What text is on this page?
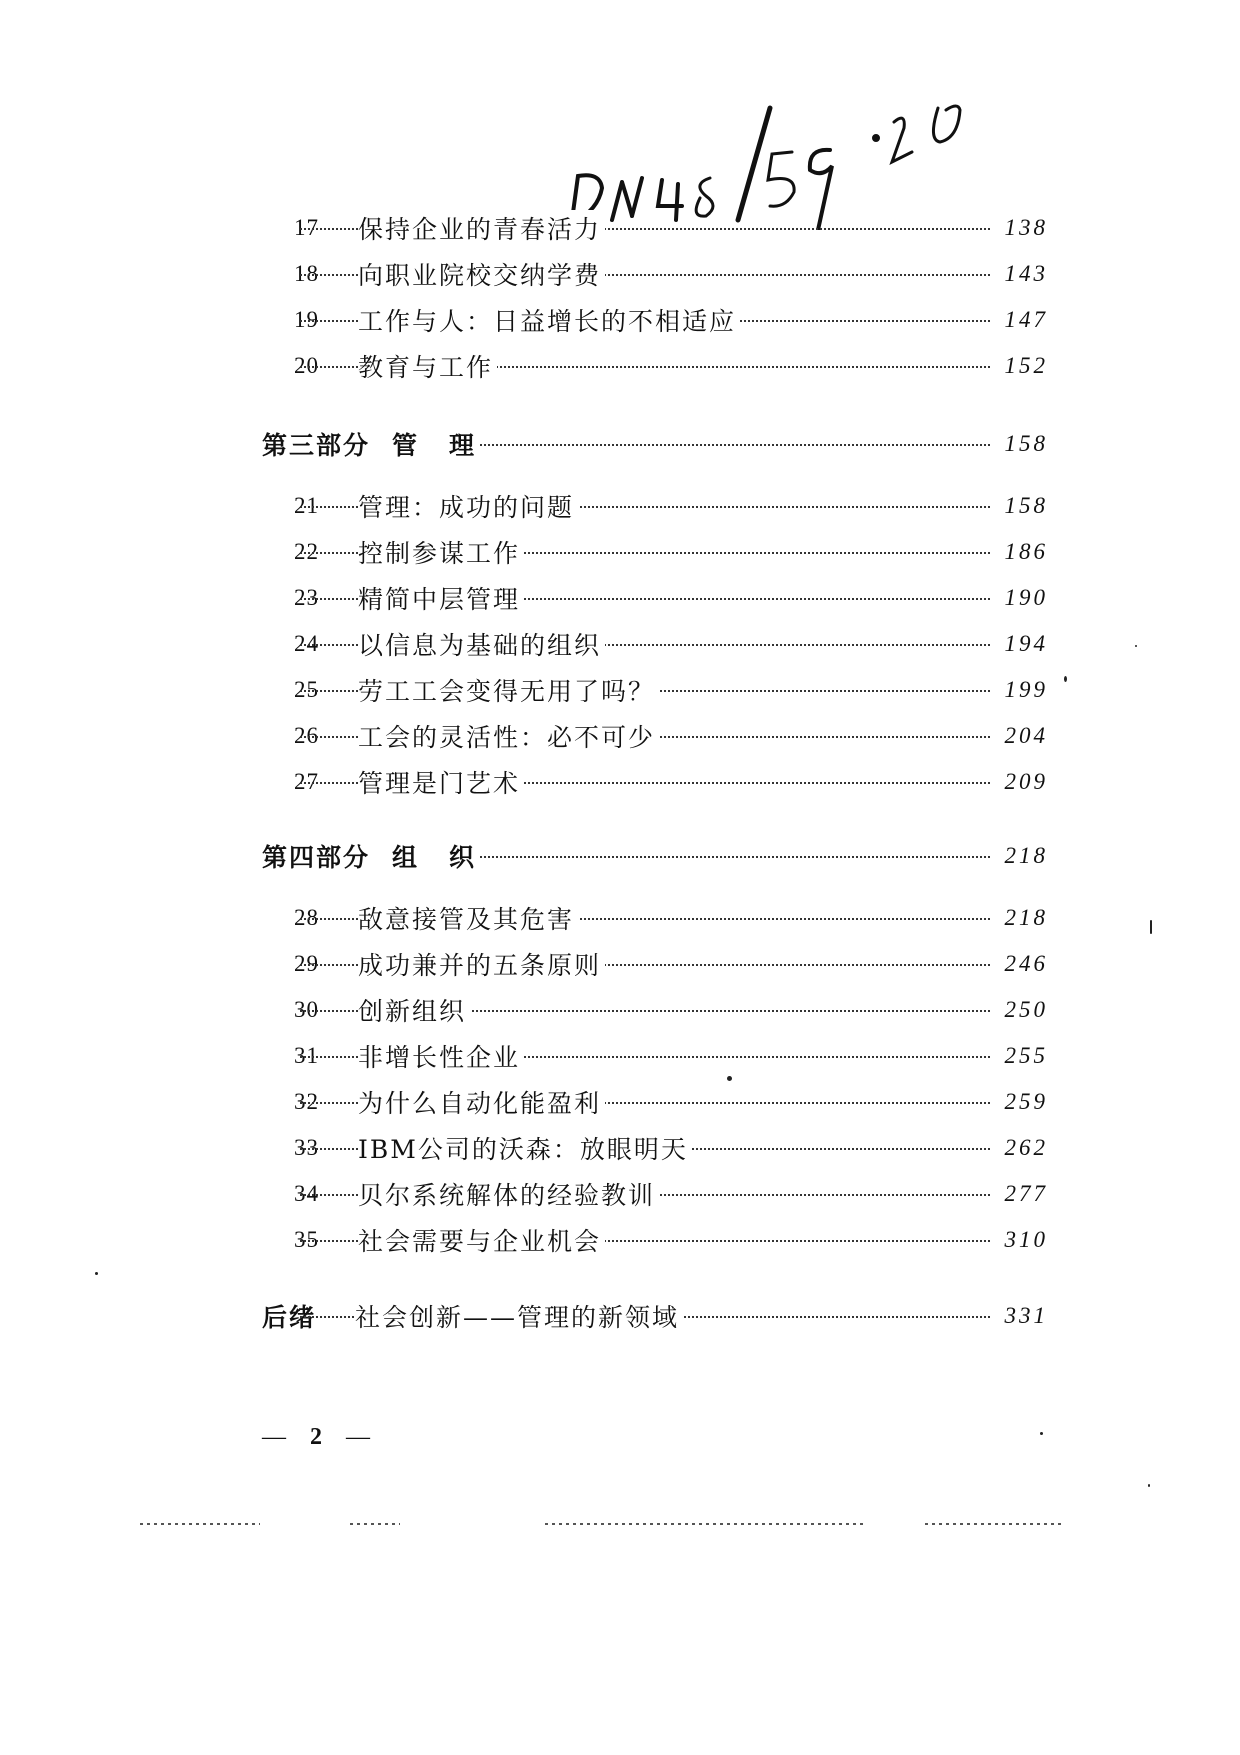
17	保持企业的青春活力	138
18	向职业院校交纳学费	143
19	工作与人：日益增长的不相适应	147
20	教育与工作	152
第三部分 管 理	158
21	管理：成功的问题	158
22	控制参谋工作	186
23	精简中层管理	190
24	以信息为基础的组织	194
25	劳工工会变得无用了吗？	199
26	工会的灵活性：必不可少	204
27	管理是门艺术	209
第四部分 组 织	218
28	敌意接管及其危害	218
29	成功兼并的五条原则	246
30	创新组织	250
31	非增长性企业	255
32	为什么自动化能盈利	259
33	IBM公司的沃森：放眼明天	262
34	贝尔系统解体的经验教训	277
35	社会需要与企业机会	310
后绪 社会创新——管理的新领域	331
— 2 —
